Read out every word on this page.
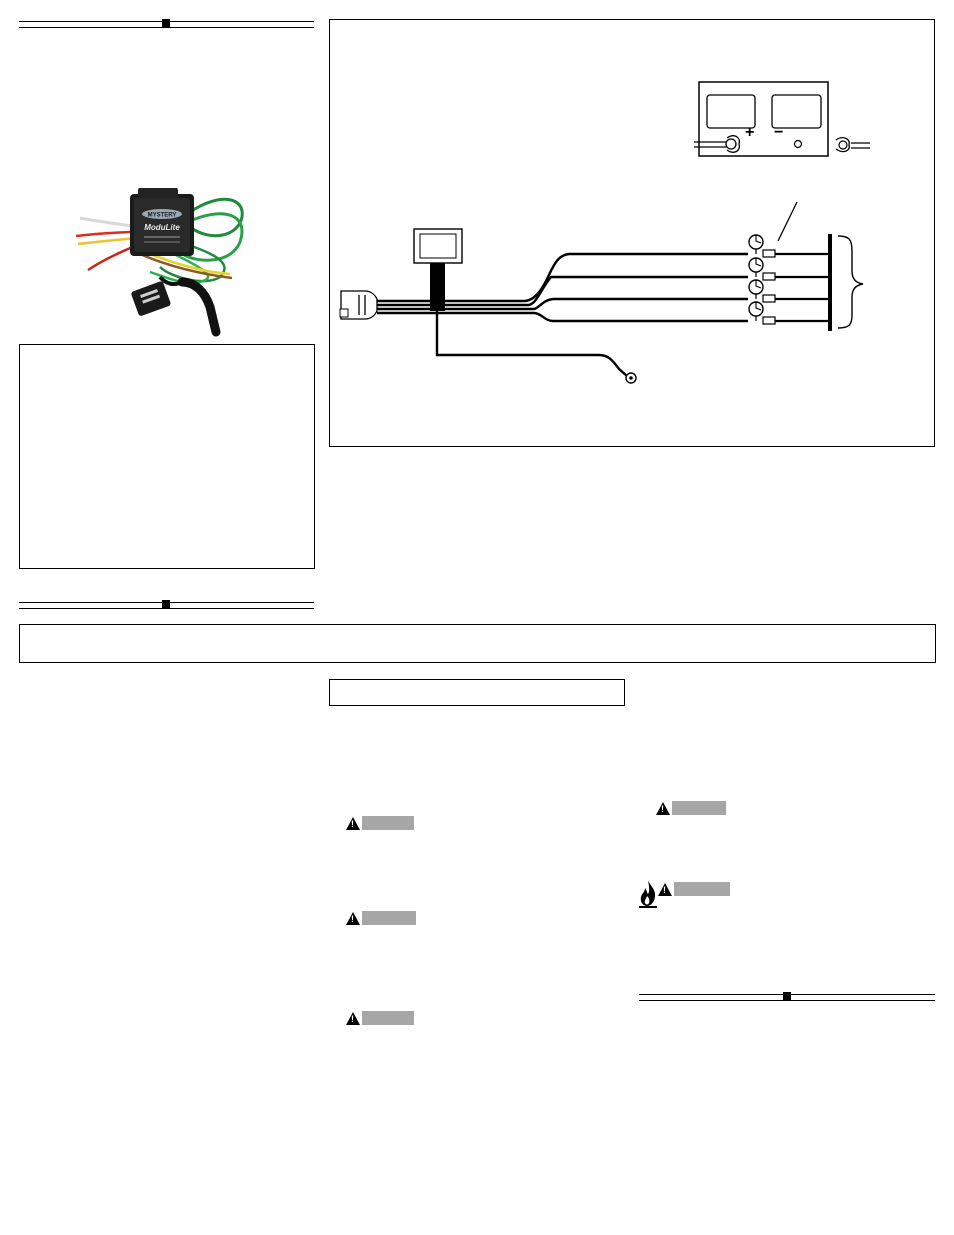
MYSTERY
ModuLite
+ −
!
!
!
!
!
